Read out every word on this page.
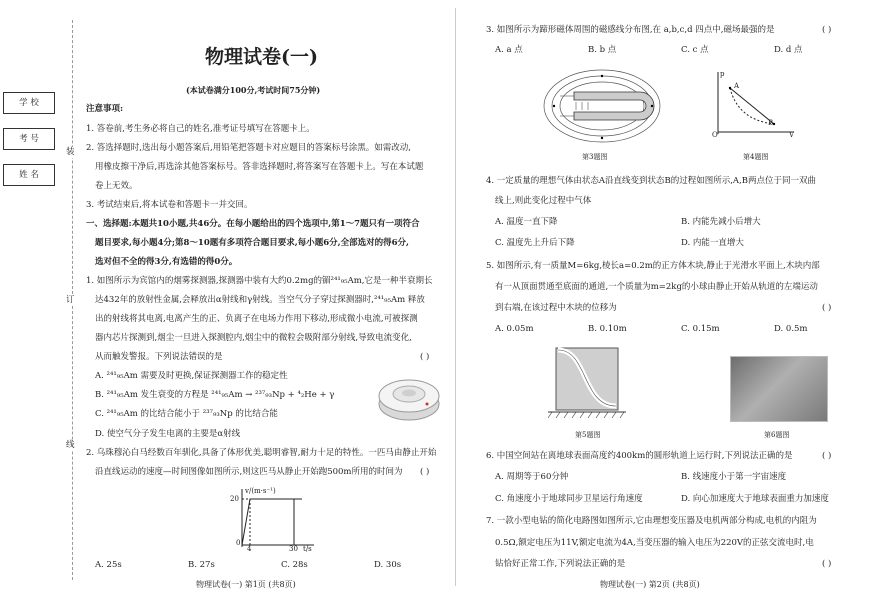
学 校
考 号
姓 名
装
订
线
物理试卷(一)
(本试卷满分100分,考试时间75分钟)
注意事项:
1. 答卷前,考生务必将自己的姓名,准考证号填写在答题卡上。
2. 答选择题时,选出每小题答案后,用铅笔把答题卡对应题目的答案标号涂黑。如需改动,
用橡皮擦干净后,再选涂其他答案标号。答非选择题时,将答案写在答题卡上。写在本试题
卷上无效。
3. 考试结束后,将本试卷和答题卡一并交回。
一、选择题:本题共10小题,共46分。在每小题给出的四个选项中,第1～7题只有一项符合
题目要求,每小题4分;第8～10题有多项符合题目要求,每小题6分,全部选对的得6分,
选对但不全的得3分,有选错的得0分。
1. 如图所示为宾馆内的烟雾探测器,探测器中装有大约0.2mg的镅²⁴¹₉₅Am,它是一种半衰期长
达432年的放射性金属,会释放出α射线和γ射线。当空气分子穿过探测器时,²⁴¹₉₅Am 释放
出的射线将其电离,电离产生的正、负离子在电场力作用下移动,形成微小电流,可被探测
器内芯片探测到,烟尘一旦进入探测腔内,烟尘中的微粒会吸附部分射线,导致电流变化,
从而触发警报。下列说法错误的是	( )
A. ²⁴¹₉₅Am 需要及时更换,保证探测器工作的稳定性
B. ²⁴¹₉₅Am 发生衰变的方程是 ²⁴¹₉₅Am → ²³⁷₉₃Np + ⁴₂He + γ
C. ²⁴¹₉₅Am 的比结合能小于 ²³⁷₉₃Np 的比结合能
D. 使空气分子发生电离的主要是α射线
2. 乌珠穆沁白马经数百年驯化,具备了体形优美,聪明睿智,耐力十足的特性。一匹马由静止开始
沿直线运动的速度—时间图像如图所示,则这匹马从静止开始跑500m所用的时间为 ( )
v/(m·s⁻¹)
20
0
4	30 t/s
A. 25s	B. 27s	C. 28s	D. 30s
物理试卷(一) 第1页 (共8页)
3. 如图所示为蹄形磁体周围的磁感线分布图,在 a,b,c,d 四点中,磁场最强的是	( )
A. a 点	B. b 点	C. c 点	D. d 点
第3题图
p
A
B
O	V
第4题图
4. 一定质量的理想气体由状态A沿直线变到状态B的过程如图所示,A,B两点位于同一双曲
线上,则此变化过程中气体
A. 温度一直下降	B. 内能先减小后增大
C. 温度先上升后下降	D. 内能一直增大
5. 如图所示,有一质量M=6kg,棱长a=0.2m的正方体木块,静止于光滑水平面上,木块内部
有一从顶面贯通至底面的通道,一个质量为m=2kg的小球由静止开始从轨道的左端运动
到右端,在该过程中木块的位移为	( )
A. 0.05m	B. 0.10m	C. 0.15m	D. 0.5m
第5题图	第6题图
6. 中国空间站在离地球表面高度约400km的圆形轨道上运行时,下列说法正确的是	( )
A. 周期等于60分钟	B. 线速度小于第一宇宙速度
C. 角速度小于地球同步卫星运行角速度	D. 向心加速度大于地球表面重力加速度
7. 一款小型电钻的简化电路图如图所示,它由理想变压器及电机两部分构成,电机的内阻为
0.5Ω,额定电压为11V,额定电流为4A,当变压器的输入电压为220V的正弦交流电时,电
钻恰好正常工作,下列说法正确的是	( )
物理试卷(一) 第2页 (共8页)
